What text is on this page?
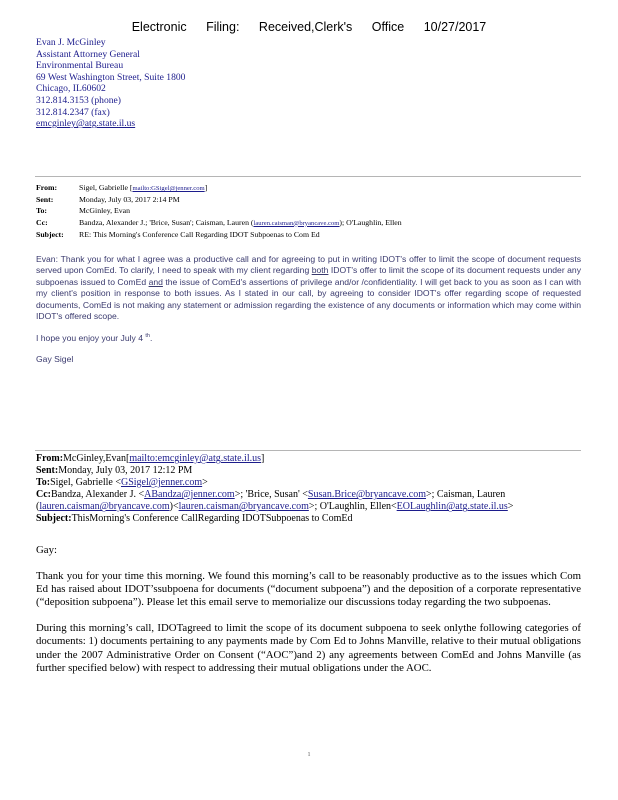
Electronic Filing: Received,Clerk's Office 10/27/2017
Evan J. McGinley
Assistant Attorney General
Environmental Bureau
69 West Washington Street, Suite 1800
Chicago, IL60602
312.814.3153 (phone)
312.814.2347 (fax)
emcginley@atg.state.il.us
From:	Sigel, Gabrielle [mailto:GSigel@jenner.com]
Sent:	Monday, July 03, 2017 2:14 PM
To:	McGinley, Evan
Cc:	Bandza, Alexander J.; 'Brice, Susan'; Caisman, Lauren (lauren.caisman@bryancave.com); O'Laughlin, Ellen
Subject: RE: This Morning's Conference Call Regarding IDOT Subpoenas to Com Ed

Evan: Thank you for what I agree was a productive call and for agreeing to put in writing IDOT's offer to limit the scope of document requests served upon ComEd. To clarify, I need to speak with my client regarding both IDOT's offer to limit the scope of its document requests under any subpoenas issued to ComEd and the issue of ComEd's assertions of privilege and/or /confidentiality. I will get back to you as soon as I can with my client's position in response to both issues. As I stated in our call, by agreeing to consider IDOT's offer regarding scope of requested documents, ComEd is not making any statement or admission regarding the existence of any documents or information which may come within IDOT's offered scope.

I hope you enjoy your July 4 $^{th}$.

Gay Sigel

From:McGinley,Evan[mailto:emcginley@atg.state.il.us]
Sent:Monday, July 03, 2017 12:12 PM
To:Sigel, Gabrielle <GSigel@jenner.com>
Cc:Bandza, Alexander J. <ABandza@jenner.com>; 'Brice, Susan' <Susan.Brice@bryancave.com>; Caisman, Lauren
(lauren.caisman@bryancave.com)<lauren.caisman@bryancave.com>; O'Laughlin, Ellen<EOLaughlin@atg.state.il.us>
Subject:ThisMorning's Conference CallRegarding IDOTSubpoenas to ComEd

Gay:

Thank you for your time this morning. We found this morning’s call to be reasonably productive as to the issues which Com Ed has raised about IDOT’ssubpoena for documents (“document subpoena”) and the deposition of a corporate representative (“deposition subpoena”). Please let this email serve to memorialize our discussions today regarding the two subpoenas.

During this morning’s call, IDOTagreed to limit the scope of its document subpoena to seek onlythe following categories of documents: 1) documents pertaining to any payments made by Com Ed to Johns Manville, relative to their mutual obligations under the 2007 Administrative Order on Consent (“AOC”)and 2) any agreements between ComEd and Johns Manville (as further specified below) with respect to addressing their mutual obligations under the AOC.

1
